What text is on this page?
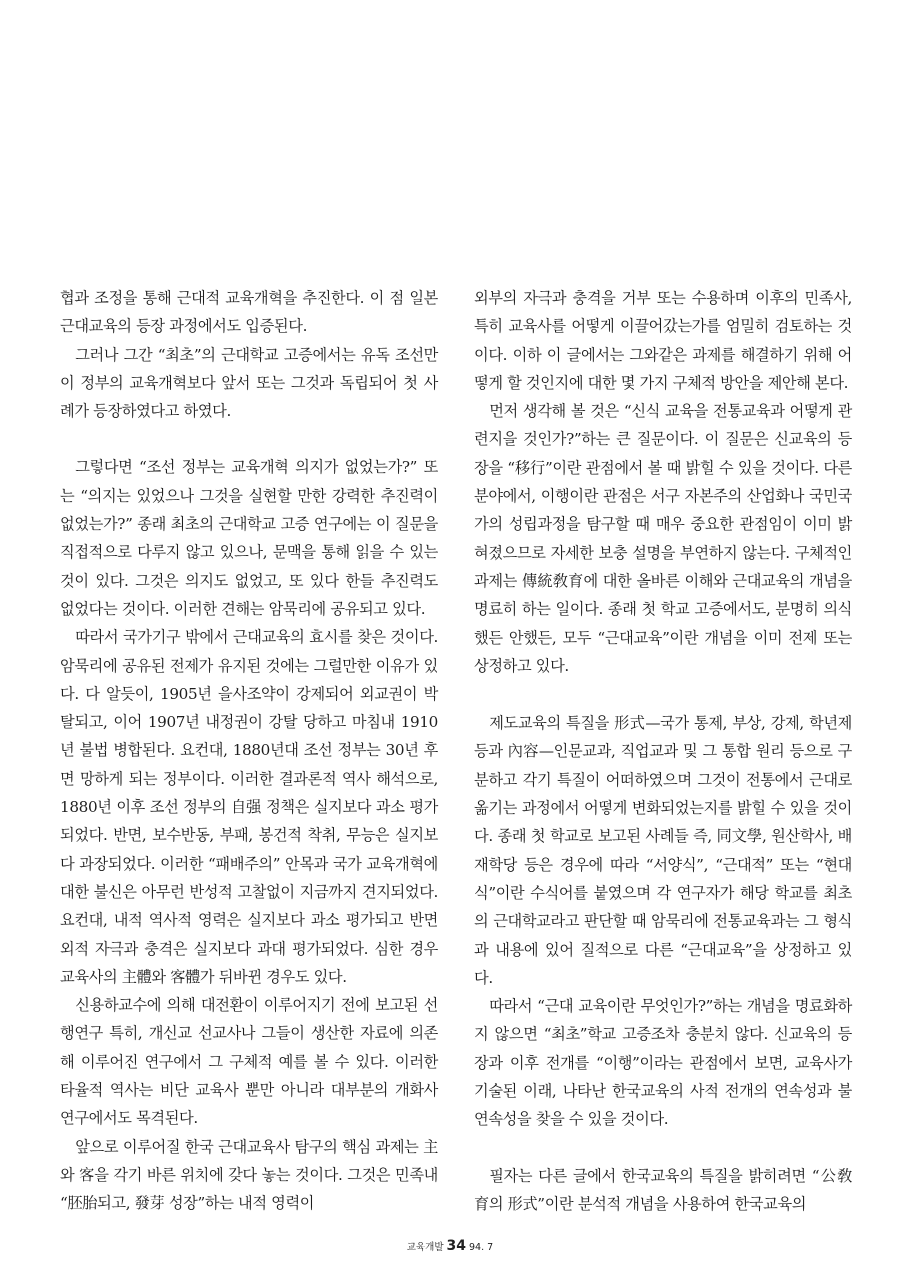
협과 조정을 통해 근대적 교육개혁을 추진한다. 이 점 일본 근대교육의 등장 과정에서도 입증된다.

그러나 그간 “최초”의 근대학교 고증에서는 유독 조선만이 정부의 교육개혁보다 앞서 또는 그것과 독립되어 첫 사례가 등장하였다고 하였다.

그렇다면 “조선 정부는 교육개혁 의지가 없었는가?” 또는 “의지는 있었으나 그것을 실현할 만한 강력한 추진력이 없었는가?” 종래 최초의 근대학교 고증 연구에는 이 질문을 직접적으로 다루지 않고 있으나, 문맥을 통해 읽을 수 있는 것이 있다. 그것은 의지도 없었고, 또 있다 한들 추진력도 없었다는 것이다. 이러한 견해는 암묵리에 공유되고 있다.

따라서 국가기구 밖에서 근대교육의 효시를 찾은 것이다. 암묵리에 공유된 전제가 유지된 것에는 그럴만한 이유가 있다. 다 알듯이, 1905년 을사조약이 강제되어 외교권이 박탈되고, 이어 1907년 내정권이 강탈 당하고 마침내 1910년 불법 병합된다. 요컨대, 1880년대 조선 정부는 30년 후면 망하게 되는 정부이다. 이러한 결과론적 역사 해석으로, 1880년 이후 조선 정부의 自强 정책은 실지보다 과소 평가되었다. 반면, 보수반동, 부패, 봉건적 착취, 무능은 실지보다 과장되었다. 이러한 “패배주의” 안목과 국가 교육개혁에 대한 불신은 아무런 반성적 고찰없이 지금까지 견지되었다. 요컨대, 내적 역사적 영력은 실지보다 과소 평가되고 반면 외적 자극과 충격은 실지보다 과대 평가되었다. 심한 경우 교육사의 主體와 客體가 뒤바뀐 경우도 있다.

신용하교수에 의해 대전환이 이루어지기 전에 보고된 선행연구 특히, 개신교 선교사나 그들이 생산한 자료에 의존해 이루어진 연구에서 그 구체적 예를 볼 수 있다. 이러한 타율적 역사는 비단 교육사 뿐만 아니라 대부분의 개화사 연구에서도 목격된다.

앞으로 이루어질 한국 근대교육사 탐구의 핵심 과제는 主와 客을 각기 바른 위치에 갖다 놓는 것이다. 그것은 민족내 “胚胎되고, 發芽 성장”하는 내적 영력이

외부의 자극과 충격을 거부 또는 수용하며 이후의 민족사, 특히 교육사를 어떻게 이끌어갔는가를 엄밀히 검토하는 것이다. 이하 이 글에서는 그와같은 과제를 해결하기 위해 어떻게 할 것인지에 대한 몇 가지 구체적 방안을 제안해 본다.

먼저 생각해 볼 것은 “신식 교육을 전통교육과 어떻게 관련지을 것인가?”하는 큰 질문이다. 이 질문은 신교육의 등장을 “移行”이란 관점에서 볼 때 밝힐 수 있을 것이다. 다른 분야에서, 이행이란 관점은 서구 자본주의 산업화나 국민국가의 성립과정을 탐구할 때 매우 중요한 관점임이 이미 밝혀졌으므로 자세한 보충 설명을 부연하지 않는다. 구체적인 과제는 傳統敎育에 대한 올바른 이해와 근대교육의 개념을 명료히 하는 일이다. 종래 첫 학교 고증에서도, 분명히 의식했든 안했든, 모두 “근대교육”이란 개념을 이미 전제 또는 상정하고 있다.

제도교육의 특질을 形式—국가 통제, 부상, 강제, 학년제 등과 內容—인문교과, 직업교과 및 그 통합 원리 등으로 구분하고 각기 특질이 어떠하였으며 그것이 전통에서 근대로 옮기는 과정에서 어떻게 변화되었는지를 밝힐 수 있을 것이다. 종래 첫 학교로 보고된 사례들 즉, 同文學, 원산학사, 배재학당 등은 경우에 따라 “서양식”, “근대적” 또는 “현대식”이란 수식어를 붙였으며 각 연구자가 해당 학교를 최초의 근대학교라고 판단할 때 암묵리에 전통교육과는 그 형식과 내용에 있어 질적으로 다른 “근대교육”을 상정하고 있다.

따라서 “근대 교육이란 무엇인가?”하는 개념을 명료화하지 않으면 “최초”학교 고증조차 충분치 않다. 신교육의 등장과 이후 전개를 “이행”이라는 관점에서 보면, 교육사가 기술된 이래, 나타난 한국교육의 사적 전개의 연속성과 불연속성을 찾을 수 있을 것이다.

필자는 다른 글에서 한국교육의 특질을 밝히려면 “公敎育의 形式”이란 분석적 개념을 사용하여 한국교육의

교육개발 34 94. 7
